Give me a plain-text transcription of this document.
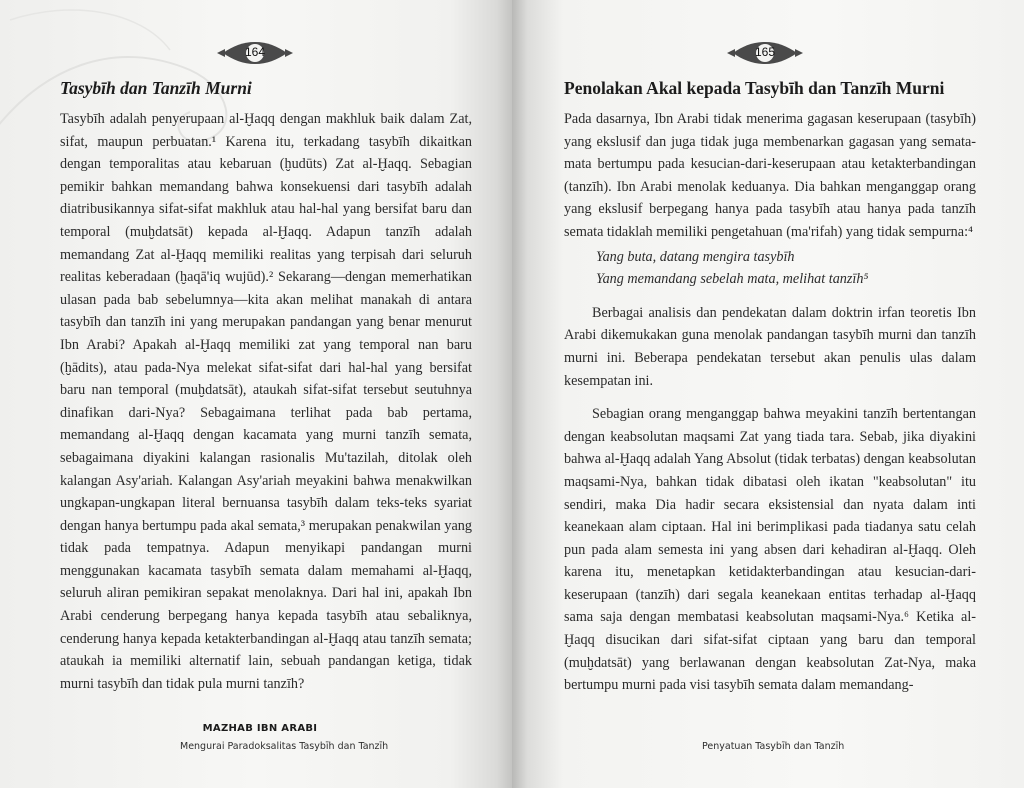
164
Tasybīh dan Tanzīh Murni

Tasybīh adalah penyerupaan al-Ḫaqq dengan makhluk baik dalam Zat, sifat, maupun perbuatan.¹ Karena itu, terkadang tasybīh dikaitkan dengan temporalitas atau kebaruan (ḫudūts) Zat al-Ḫaqq. Sebagian pemikir bahkan memandang bahwa konsekuensi dari tasybīh adalah diatribusikannya sifat-sifat makhluk atau hal-hal yang bersifat baru dan temporal (muḫdatsāt) kepada al-Ḫaqq. Adapun tanzīh adalah memandang Zat al-Ḫaqq memiliki realitas yang terpisah dari seluruh realitas keberadaan (ḫaqā'iq wujūd).² Sekarang—dengan memerhatikan ulasan pada bab sebelumnya—kita akan melihat manakah di antara tasybīh dan tanzīh ini yang merupakan pandangan yang benar menurut Ibn Arabi? Apakah al-Ḫaqq memiliki zat yang temporal nan baru (ḫādits), atau pada-Nya melekat sifat-sifat dari hal-hal yang bersifat baru nan temporal (muḫdatsāt), ataukah sifat-sifat tersebut seutuhnya dinafikan dari-Nya? Sebagaimana terlihat pada bab pertama, memandang al-Ḫaqq dengan kacamata yang murni tanzīh semata, sebagaimana diyakini kalangan rasionalis Mu'tazilah, ditolak oleh kalangan Asy'ariah. Kalangan Asy'ariah meyakini bahwa menakwilkan ungkapan-ungkapan literal bernuansa tasybīh dalam teks-teks syariat dengan hanya bertumpu pada akal semata,³ merupakan penakwilan yang tidak pada tempatnya. Adapun menyikapi pandangan murni menggunakan kacamata tasybīh semata dalam memahami al-Ḫaqq, seluruh aliran pemikiran sepakat menolaknya. Dari hal ini, apakah Ibn Arabi cenderung berpegang hanya kepada tasybīh atau sebaliknya, cenderung hanya kepada ketakterbandingan al-Ḫaqq atau tanzīh semata; ataukah ia memiliki alternatif lain, sebuah pandangan ketiga, tidak murni tasybīh dan tidak pula murni tanzīh?

MAZHAB IBN ARABI
Mengurai Paradoksalitas Tasybīh dan Tanzīh
165
Penolakan Akal kepada Tasybīh dan Tanzīh Murni

Pada dasarnya, Ibn Arabi tidak menerima gagasan keserupaan (tasybīh) yang ekslusif dan juga tidak juga membenarkan gagasan yang semata-mata bertumpu pada kesucian-dari-keserupaan atau ketakterbandingan (tanzīh). Ibn Arabi menolak keduanya. Dia bahkan menganggap orang yang ekslusif berpegang hanya pada tasybīh atau hanya pada tanzīh semata tidaklah memiliki pengetahuan (ma'rifah) yang tidak sempurna:⁴

Yang buta, datang mengira tasybīh

Yang memandang sebelah mata, melihat tanzīh⁵

Berbagai analisis dan pendekatan dalam doktrin irfan teoretis Ibn Arabi dikemukakan guna menolak pandangan tasybīh murni dan tanzīh murni ini. Beberapa pendekatan tersebut akan penulis ulas dalam kesempatan ini.

Sebagian orang menganggap bahwa meyakini tanzīh bertentangan dengan keabsolutan maqsami Zat yang tiada tara. Sebab, jika diyakini bahwa al-Ḫaqq adalah Yang Absolut (tidak terbatas) dengan keabsolutan maqsami-Nya, bahkan tidak dibatasi oleh ikatan "keabsolutan" itu sendiri, maka Dia hadir secara eksistensial dan nyata dalam inti keanekaan alam ciptaan. Hal ini berimplikasi pada tiadanya satu celah pun pada alam semesta ini yang absen dari kehadiran al-Ḫaqq. Oleh karena itu, menetapkan ketidakterbandingan atau kesucian-dari-keserupaan (tanzīh) dari segala keanekaan entitas terhadap al-Ḫaqq sama saja dengan membatasi keabsolutan maqsami-Nya.⁶ Ketika al-Ḫaqq disucikan dari sifat-sifat ciptaan yang baru dan temporal (muḫdatsāt) yang berlawanan dengan keabsolutan Zat-Nya, maka bertumpu murni pada visi tasybīh semata dalam memandang-

Penyatuan Tasybīh dan Tanzīh
